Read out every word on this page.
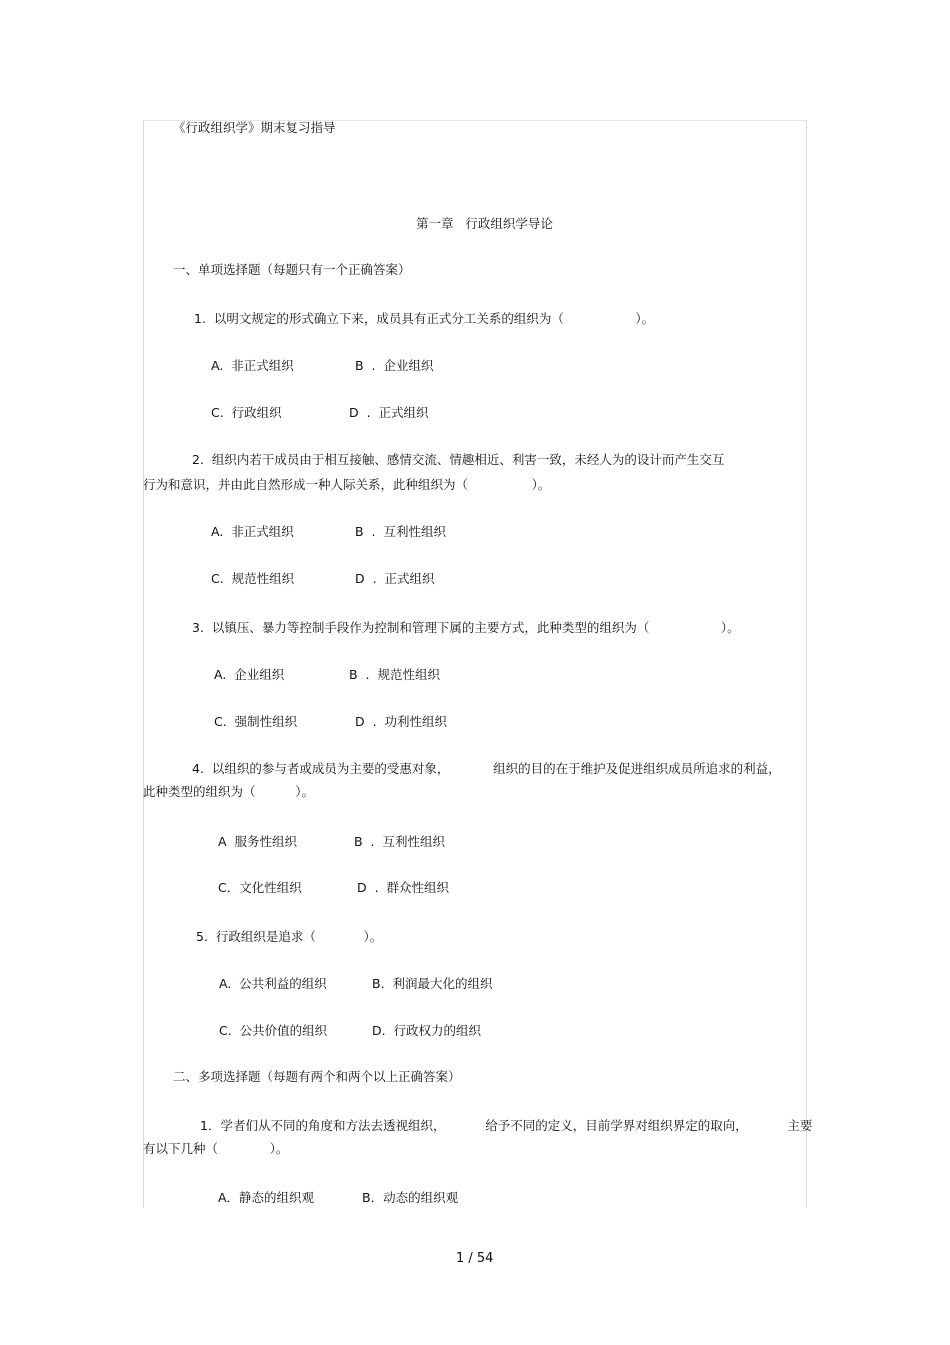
《行政组织学》期末复习指导
第一章   行政组织学导论
一、单项选择题（每题只有一个正确答案）
1.  以明文规定的形式确立下来，成员具有正式分工关系的组织为（                  ）。
A.  非正式组织	B  .  企业组织
C.  行政组织	D  .  正式组织
2.  组织内若干成员由于相互接触、感情交流、情趣相近、利害一致，未经人为的设计而产生交互
行为和意识，并由此自然形成一种人际关系，此种组织为（                ）。
A.  非正式组织	B  .  互利性组织
C.  规范性组织	D  .  正式组织
3.  以镇压、暴力等控制手段作为控制和管理下属的主要方式，此种类型的组织为（                  ）。
A.  企业组织	B  .  规范性组织
C.  强制性组织	D  .  功利性组织
4.  以组织的参与者或成员为主要的受惠对象，           组织的目的在于维护及促进组织成员所追求的利益，
此种类型的组织为（          ）。
A  服务性组织	B  .  互利性组织
C．文化性组织	D  .  群众性组织
5.  行政组织是追求（            ）。
A.  公共利益的组织	B.  利润最大化的组织
C.  公共价值的组织	D.  行政权力的组织
二、多项选择题（每题有两个和两个以上正确答案）
1．学者们从不同的角度和方法去透视组织，          给予不同的定义，目前学界对组织界定的取向，          主要
有以下几种（             ）。
A．静态的组织观	B．动态的组织观
1 / 54
